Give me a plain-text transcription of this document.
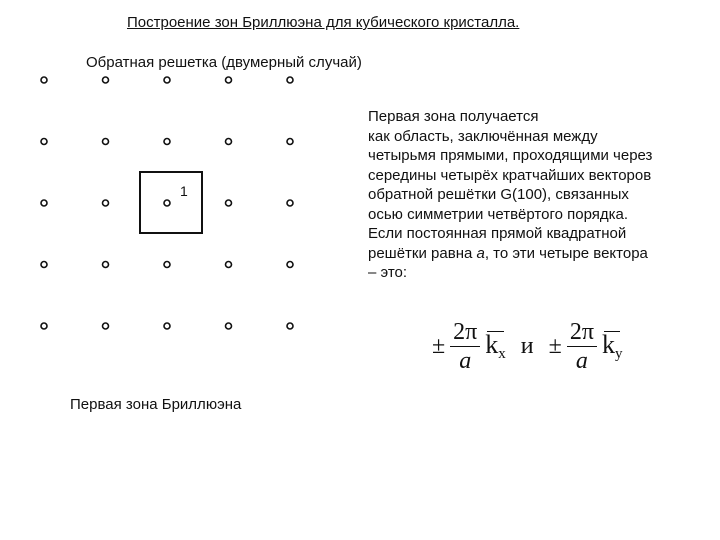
Построение зон Бриллюэна для кубического кристалла.
Обратная решетка (двумерный случай)
1
Первая зона Бриллюэна
Первая зона получается
как область, заключённая между
четырьмя прямыми, проходящими через
середины четырёх кратчайших векторов
обратной решётки G(100), связанных
осью симметрии четвёртого порядка.
Если постоянная прямой квадратной
решётки равна a, то эти четыре вектора
– это:
± $\frac{2\pi}{a} k_x$ $и \pm \frac{2\pi}{a} k_y$
